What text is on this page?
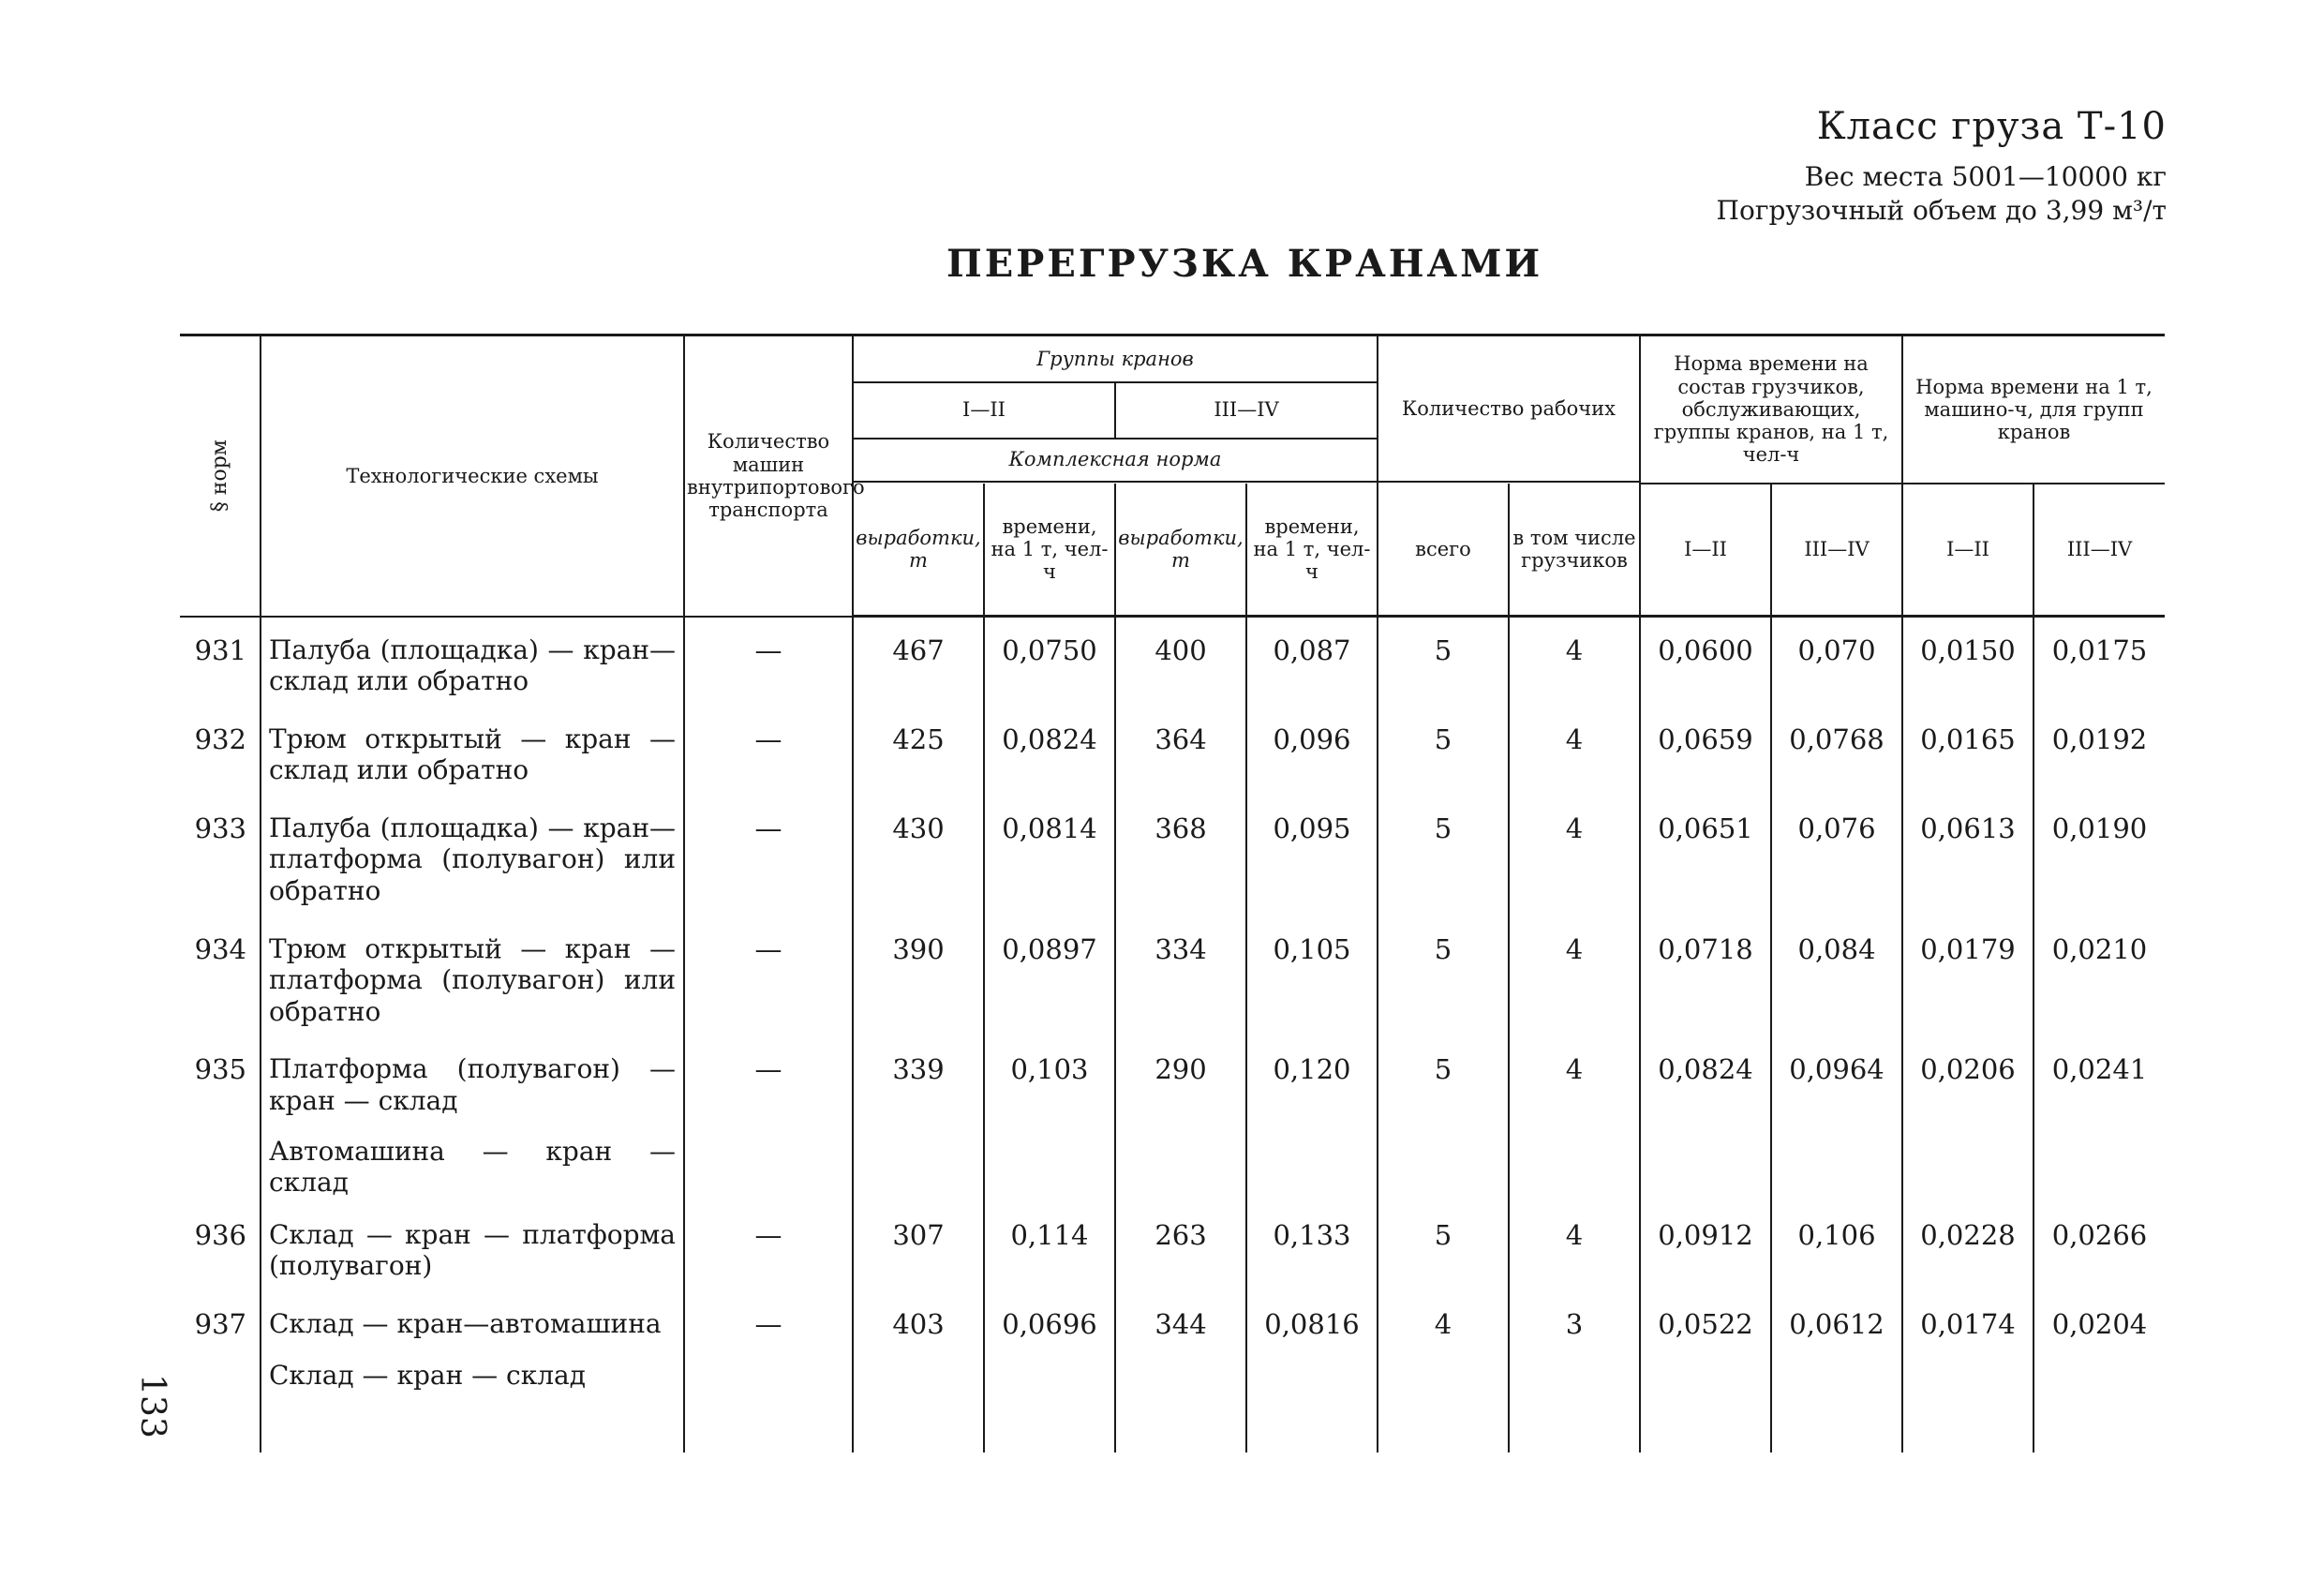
Класс груза Т-10
Вес места 5001—10000 кг
Погрузочный объем до 3,99 м³/т
ПЕРЕГРУЗКА КРАНАМИ
133
§ норм	Технологические схемы	Количество машин внутрипортового транспорта	Группы кранов				Количество рабочих		Норма времени на состав грузчиков, обслуживающих, группы кранов, на 1 т, чел-ч		Норма времени на 1 т, машино-ч, для групп кранов	
			I—II		III—IV							
			Комплексная норма									

			выработки, т	времени, на 1 т, чел-ч	выработки, т	времени, на 1 т, чел-ч	всего	в том числе грузчиков	I—II	III—IV	I—II	III—IV
931	Палуба (площадка) — кран— склад или обратно	—	467	0,0750	400	0,087	5	4	0,0600	0,070	0,0150	0,0175
932	Трюм открытый — кран — склад или обратно	—	425	0,0824	364	0,096	5	4	0,0659	0,0768	0,0165	0,0192
933	Палуба (площадка) — кран— платформа (полувагон) или обратно	—	430	0,0814	368	0,095	5	4	0,0651	0,076	0,0613	0,0190
934	Трюм открытый — кран — платформа (полувагон) или обратно	—	390	0,0897	334	0,105	5	4	0,0718	0,084	0,0179	0,0210
935	Платформа (полувагон) — кран — склад	—	339	0,103	290	0,120	5	4	0,0824	0,0964	0,0206	0,0241
	Автомашина — кран — склад											
936	Склад — кран — платформа (полувагон)	—	307	0,114	263	0,133	5	4	0,0912	0,106	0,0228	0,0266
937	Склад — кран—автомашина	—	403	0,0696	344	0,0816	4	3	0,0522	0,0612	0,0174	0,0204
	Склад — кран — склад											
